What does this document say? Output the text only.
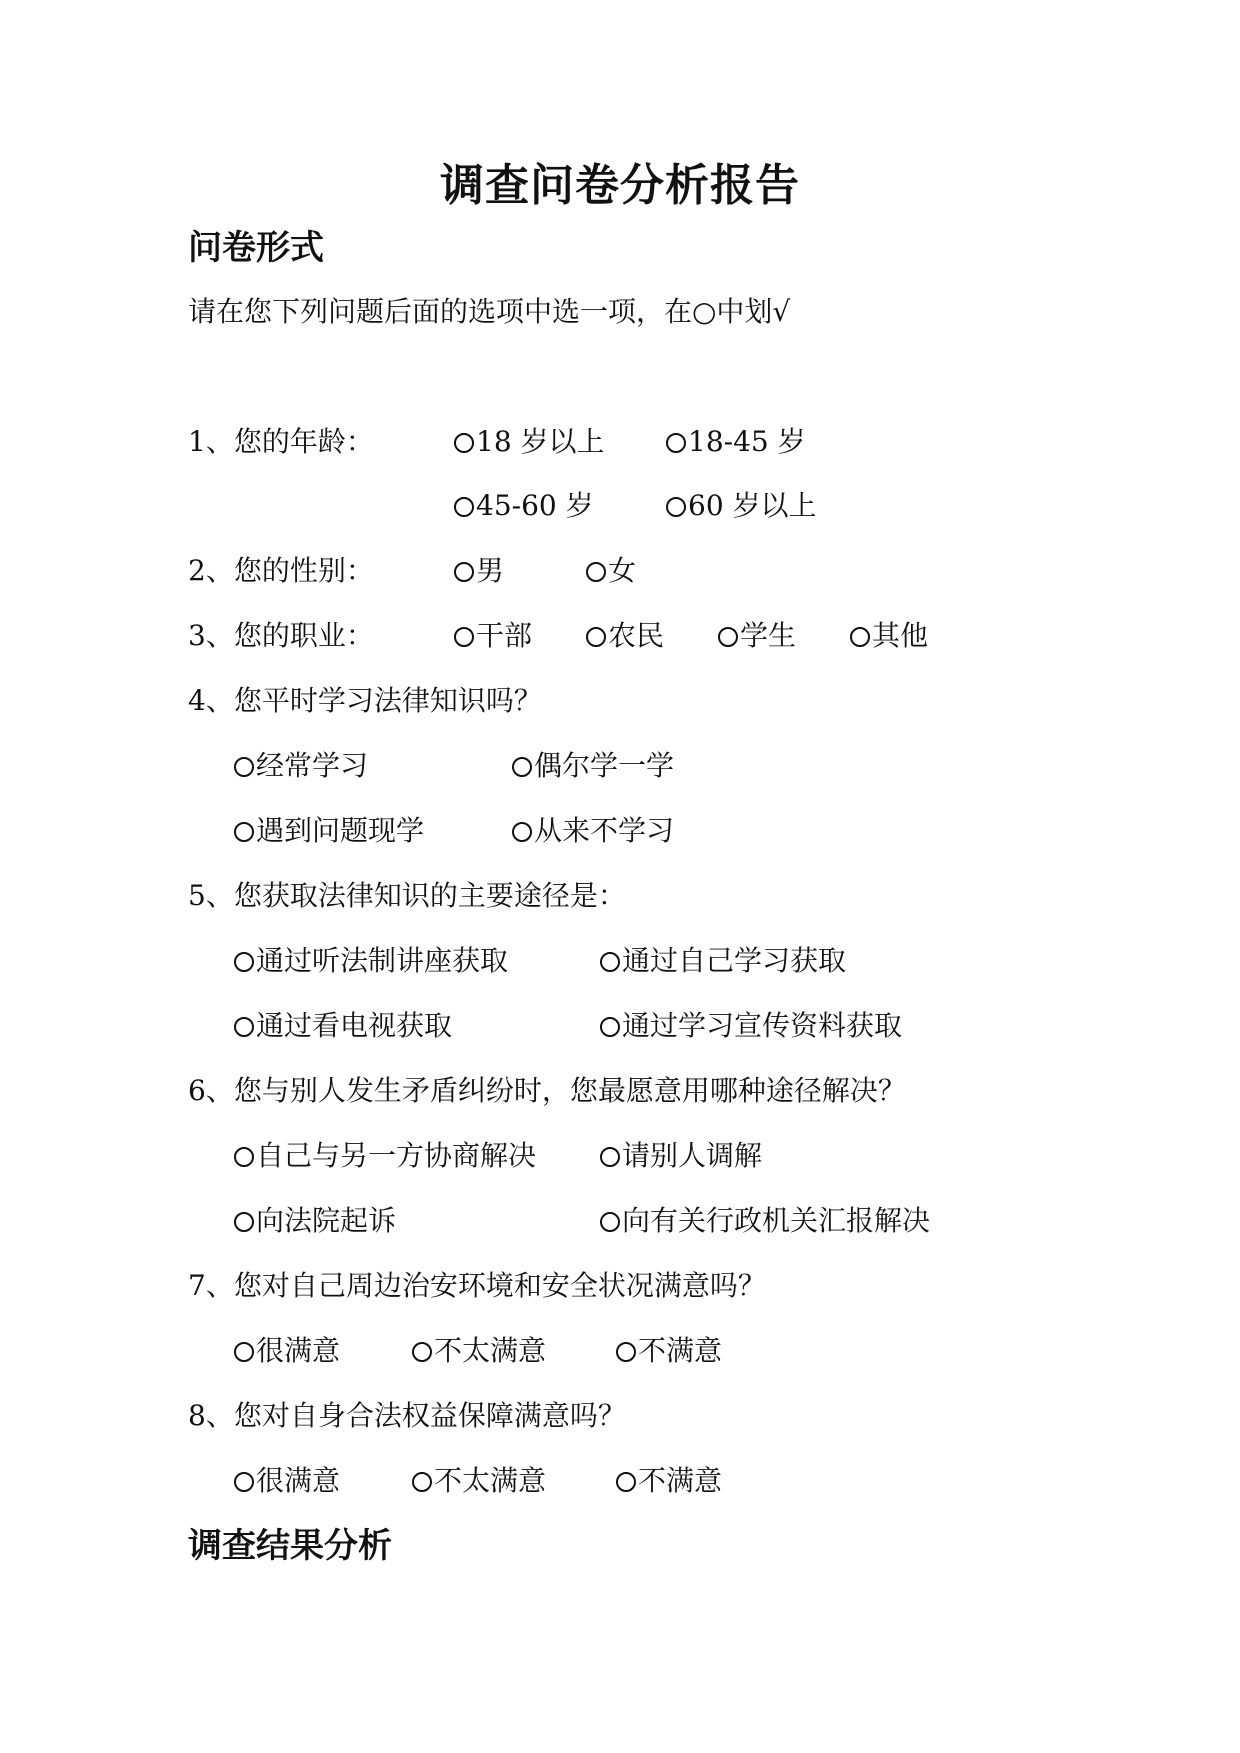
调查问卷分析报告
问卷形式
请在您下列问题后面的选项中选一项，在○中划√
1、您的年龄：	18 岁以上	18-45 岁
45-60 岁	60 岁以上
2、您的性别：	男	女
3、您的职业：	干部	农民	学生	其他
4、您平时学习法律知识吗？
经常学习	偶尔学一学
遇到问题现学	从来不学习
5、您获取法律知识的主要途径是：
通过听法制讲座获取	通过自己学习获取
通过看电视获取	通过学习宣传资料获取
6、您与别人发生矛盾纠纷时，您最愿意用哪种途径解决？
自己与另一方协商解决	请别人调解
向法院起诉	向有关行政机关汇报解决
7、您对自己周边治安环境和安全状况满意吗？
很满意	不太满意	不满意
8、您对自身合法权益保障满意吗？
很满意	不太满意	不满意
调查结果分析
